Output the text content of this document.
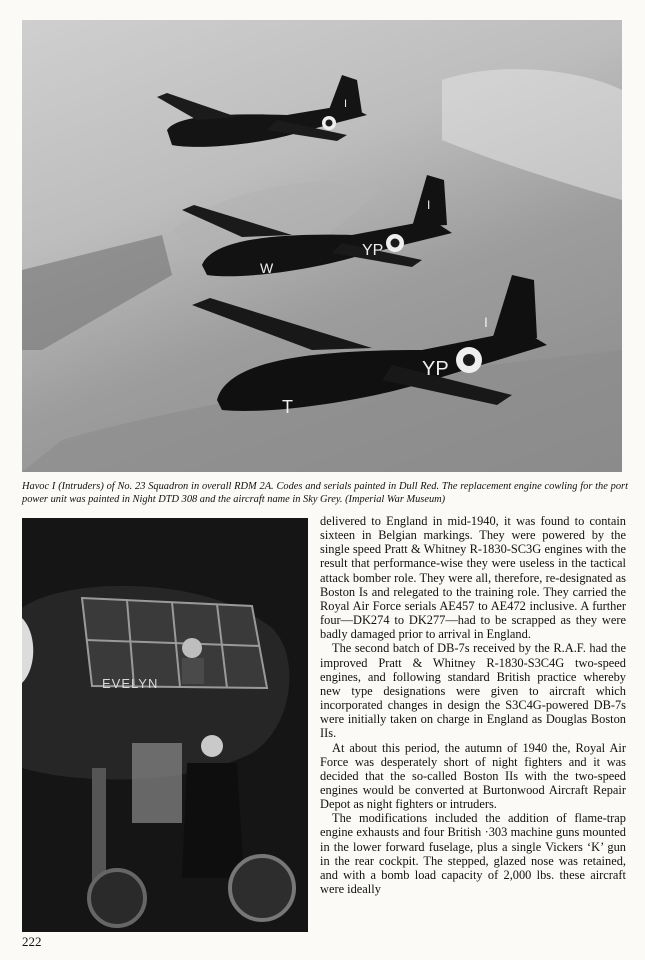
I
YP
W
I
YP
T
I
Havoc I (Intruders) of No. 23 Squadron in overall RDM 2A. Codes and serials painted in Dull Red. The replacement engine cowling for the port power unit was painted in Night DTD 308 and the aircraft name in Sky Grey. (Imperial War Museum)
EVELYN

delivered to England in mid-1940, it was found to contain sixteen in Belgian markings. They were powered by the single speed Pratt & Whitney R-1830-SC3G engines with the result that performance-wise they were useless in the tactical attack bomber role. They were all, therefore, re-designated as Boston Is and relegated to the training role. They carried the Royal Air Force serials AE457 to AE472 inclusive. A further four—DK274 to DK277—had to be scrapped as they were badly damaged prior to arrival in England.

The second batch of DB-7s received by the R.A.F. had the improved Pratt & Whitney R-1830-S3C4G two-speed engines, and following standard British practice whereby new type designations were given to aircraft which incorporated changes in design the S3C4G-powered DB-7s were initially taken on charge in England as Douglas Boston IIs.

At about this period, the autumn of 1940 the, Royal Air Force was desperately short of night fighters and it was decided that the so-called Boston IIs with the two-speed engines would be converted at Burtonwood Aircraft Repair Depot as night fighters or intruders.

The modifications included the addition of flame-trap engine exhausts and four British ·303 machine guns mounted in the lower forward fuselage, plus a single Vickers ‘K’ gun in the rear cockpit. The stepped, glazed nose was retained, and with a bomb load capacity of 2,000 lbs. these aircraft were ideally

222
